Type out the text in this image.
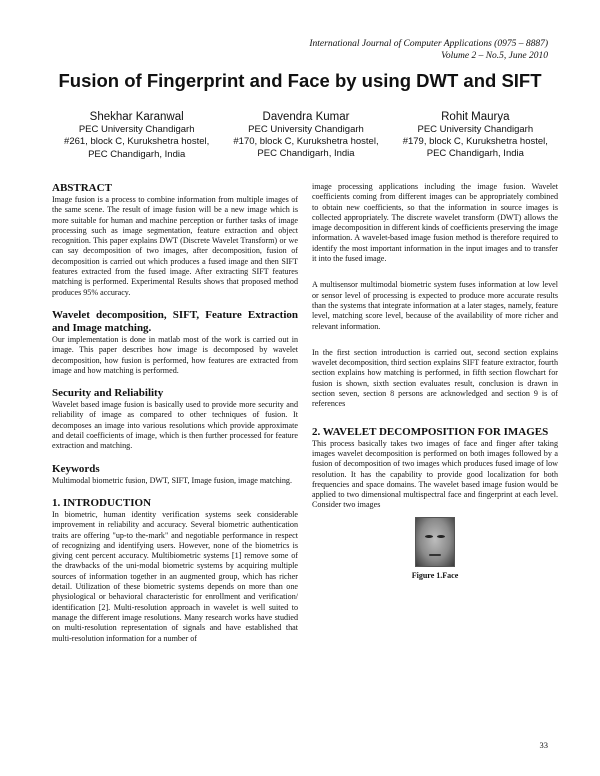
International Journal of Computer Applications (0975 – 8887)
Volume 2 – No.5, June 2010
Fusion of Fingerprint and Face by using DWT and SIFT
Shekhar Karanwal
PEC University Chandigarh
#261, block C, Kurukshetra hostel,
PEC Chandigarh, India
Davendra Kumar
PEC University Chandigarh
#170, block C, Kurukshetra hostel,
PEC Chandigarh, India
Rohit Maurya
PEC University Chandigarh
#179, block C, Kurukshetra hostel,
PEC Chandigarh, India
ABSTRACT

Image fusion is a process to combine information from multiple images of the same scene. The result of image fusion will be a new image which is more suitable for human and machine perception or further tasks of image processing such as image segmentation, feature extraction and object recognition. This paper explains DWT (Discrete Wavelet Transform) or we can say decomposition of two images, after decomposition, fusion of decomposition is carried out which produces a fused image and then SIFT features extracted from the fused image. After extracting SIFT features matching is performed. Experimental Results shows that proposed method produces 95% accuracy.

Wavelet decomposition, SIFT, Feature Extraction and Image matching.

Our implementation is done in matlab most of the work is carried out in image. This paper describes how image is decomposed by wavelet decomposition, how fusion is performed, how features are extracted from image and how matching is performed.

Security and Reliability

Wavelet based image fusion is basically used to provide more security and reliability of image as compared to other techniques of fusion. It decomposes an image into various resolutions which provide approximate and detail coefficients of image, which is then further processed for feature extraction and matching.

Keywords

Multimodal biometric fusion, DWT, SIFT, Image fusion, image matching.

1. INTRODUCTION

In biometric, human identity verification systems seek considerable improvement in reliability and accuracy. Several biometric authentication traits are offering "up-to the-mark" and negotiable performance in respect of recognizing and identifying users. However, none of the biometrics is giving cent percent accuracy. Multibiometric systems [1] remove some of the drawbacks of the uni-modal biometric systems by acquiring multiple sources of information together in an augmented group, which has richer detail. Utilization of these biometric systems depends on more than one physiological or behavioral characteristic for enrollment and verification/ identification [2]. Multi-resolution approach in wavelet is well suited to manage the different image resolutions. Many research works have studied on multi-resolution representation of signals and have established that multi-resolution information for a number of

image processing applications including the image fusion. Wavelet coefficients coming from different images can be appropriately combined to obtain new coefficients, so that the information in source images is collected appropriately. The discrete wavelet transform (DWT) allows the image decomposition in different kinds of coefficients preserving the image information. A wavelet-based image fusion method is therefore required to identify the most important information in the input images and to transfer it into the fused image.

A multisensor multimodal biometric system fuses information at low level or sensor level of processing is expected to produce more accurate results than the systems that integrate information at a later stages, namely, feature level, matching score level, because of the availability of more richer and relevant information.

In the first section introduction is carried out, second section explains wavelet decomposition, third section explains SIFT feature extractor, fourth section explains how matching is performed, in fifth section flowchart for fusion is shown, sixth section evaluates result, conclusion is drawn in section seven, section 8 persons are acknowledged and section 9 is of references

2. WAVELET DECOMPOSITION FOR IMAGES

This process basically takes two images of face and finger after taking images wavelet decomposition is performed on both images followed by a fusion of decomposition of two images which produces fused image of low resolution. It has the capability to provide good localization for both frequencies and space domains. The wavelet based image fusion would be applied to two dimensional multispectral face and fingerprint at each level. Consider two images

Figure 1.Face
33
